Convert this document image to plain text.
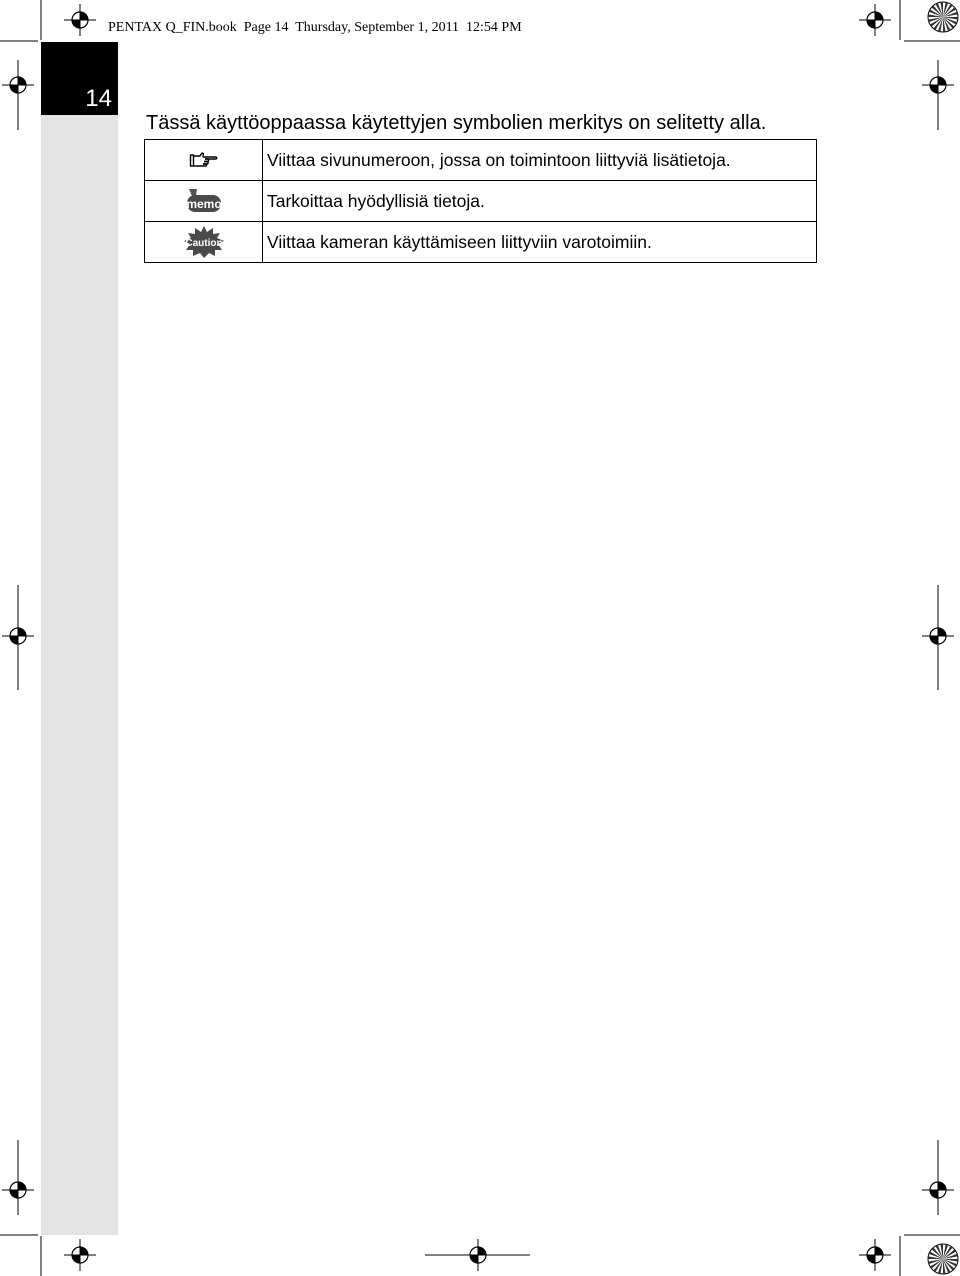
PENTAX Q_FIN.book  Page 14  Thursday, September 1, 2011  12:54 PM
14
Tässä käyttöoppaassa käytettyjen symbolien merkitys on selitetty alla.
	Viittaa sivunumeroon, jossa on toimintoon liittyviä lisätietoja.

memo	Tarkoittaa hyödyllisiä tietoja.

Caution	Viittaa kameran käyttämiseen liittyviin varotoimiin.
